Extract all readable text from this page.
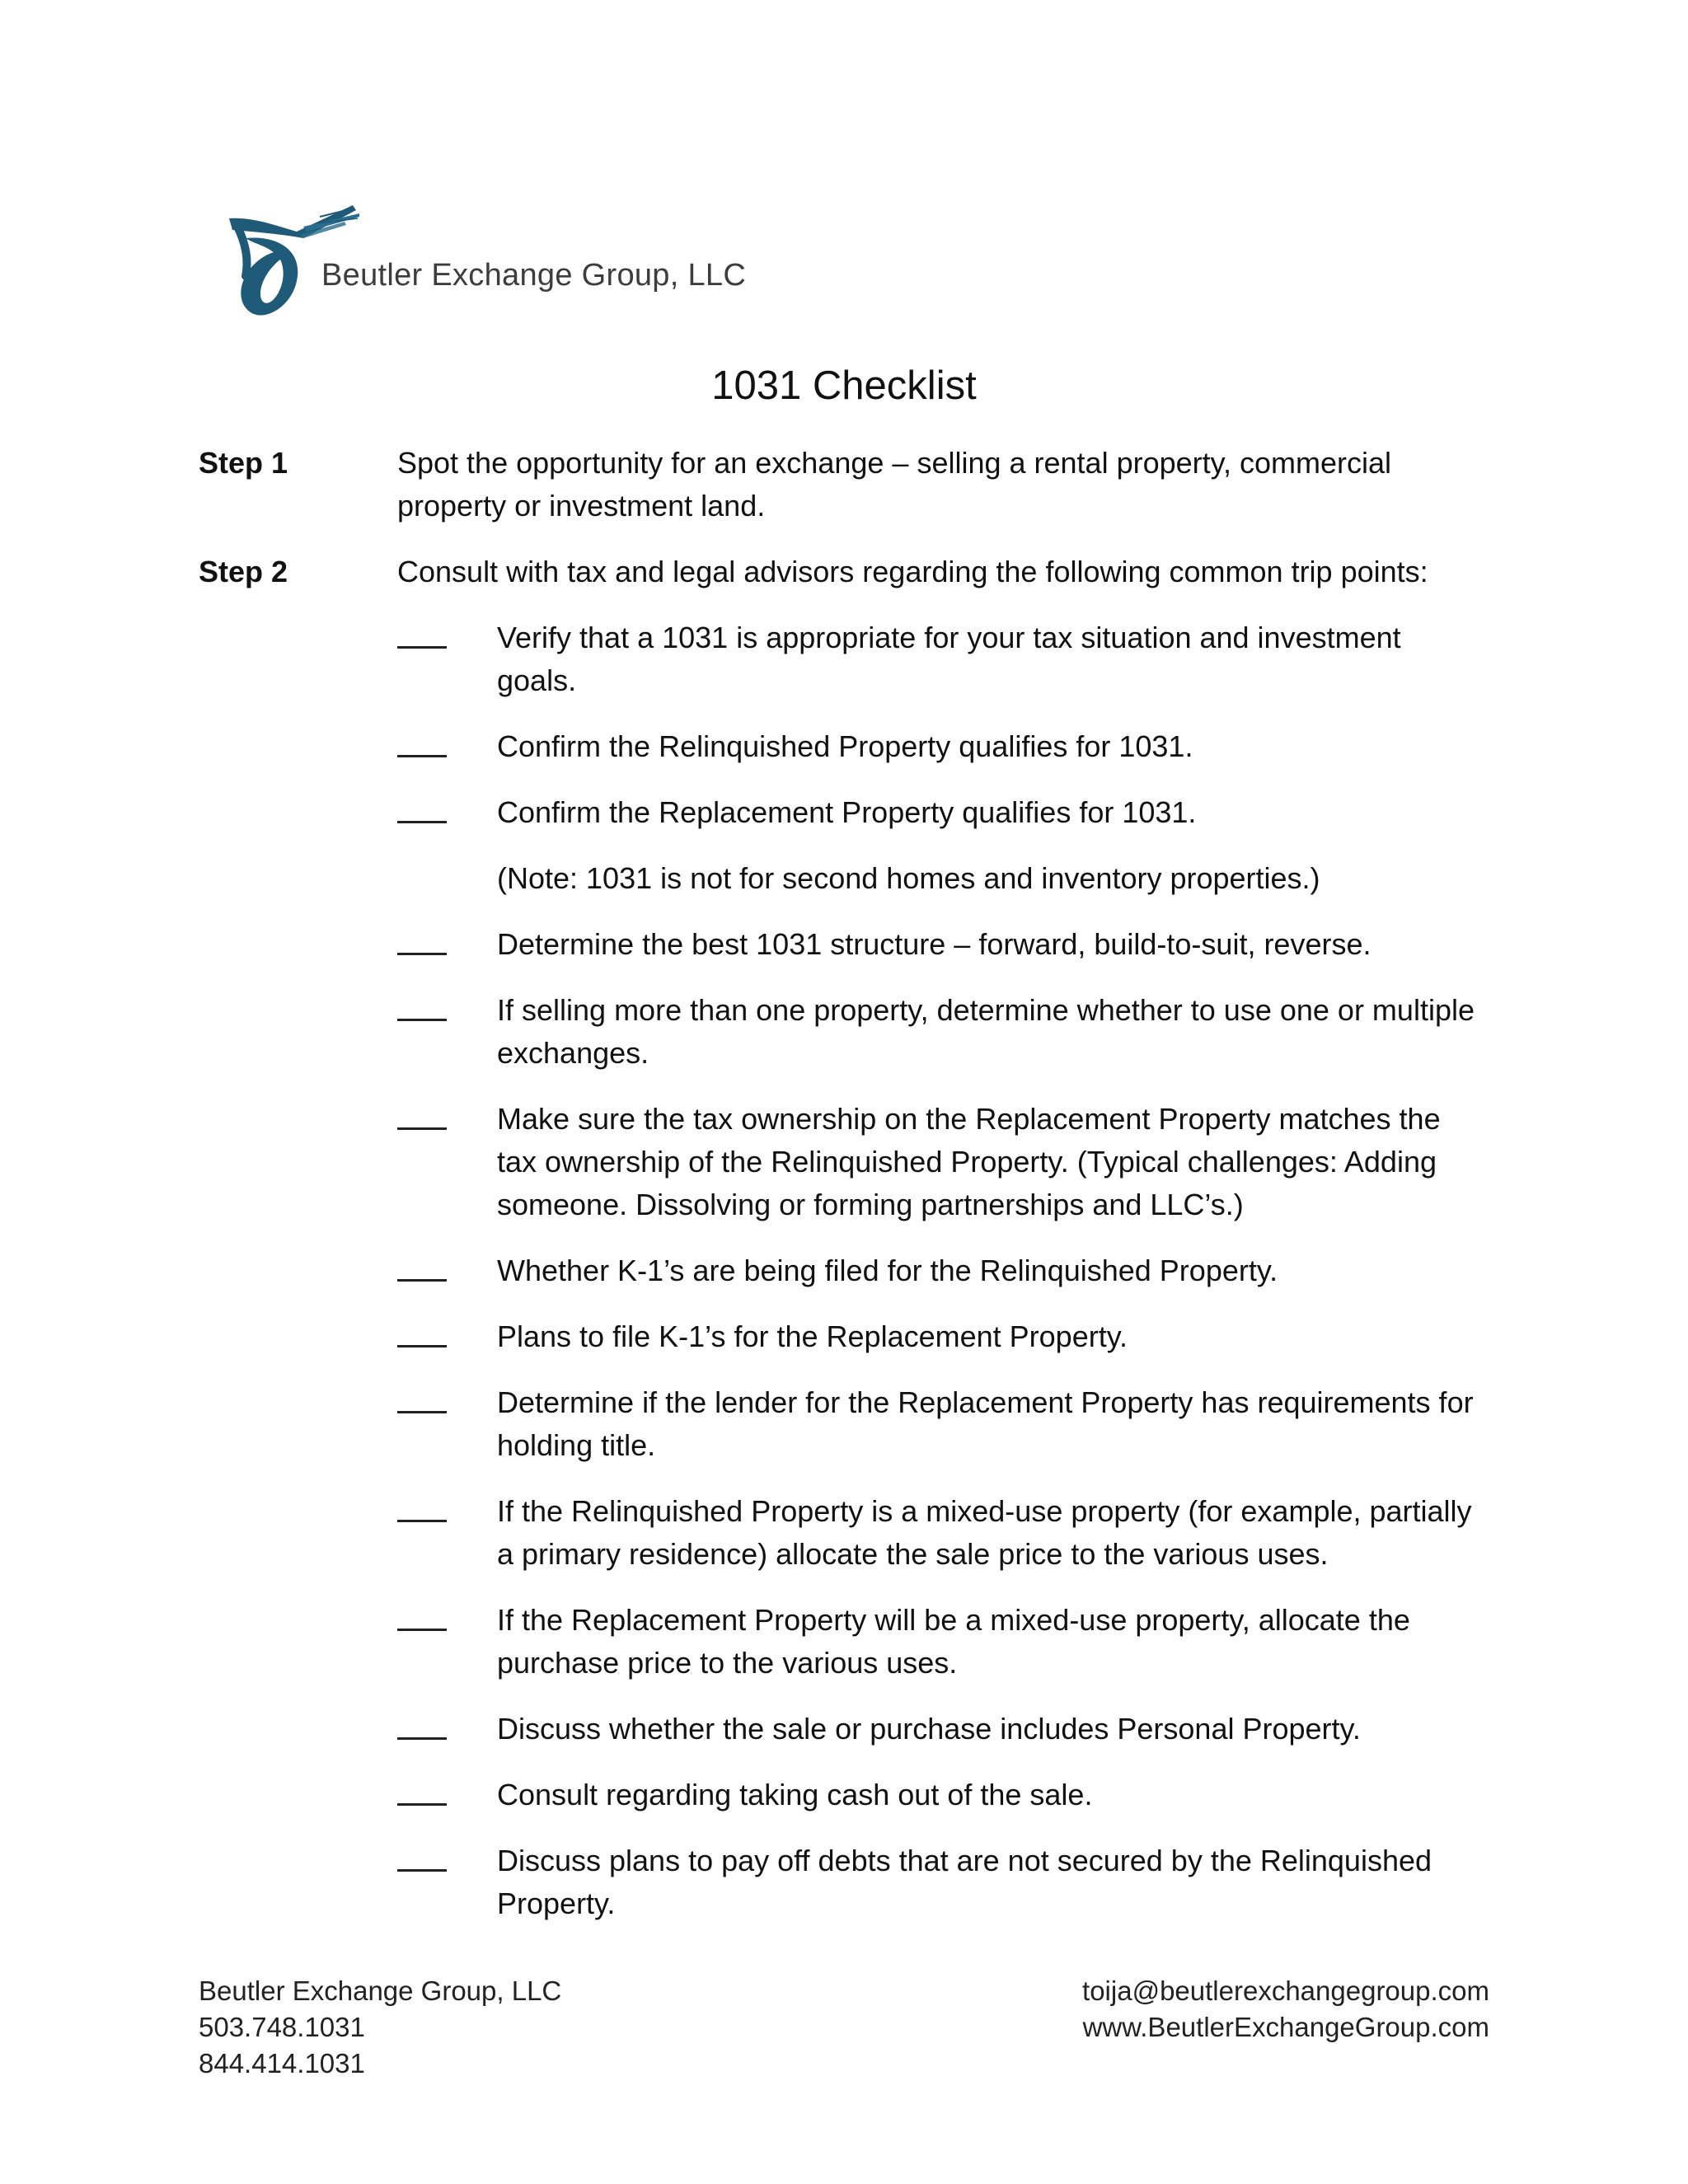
Beutler Exchange Group, LLC
1031 Checklist
Step 1	Spot the opportunity for an exchange – selling a rental property, commercial property or investment land.
Step 2	Consult with tax and legal advisors regarding the following common trip points:
Verify that a 1031 is appropriate for your tax situation and investment goals.
Confirm the Relinquished Property qualifies for 1031.
Confirm the Replacement Property qualifies for 1031.
(Note: 1031 is not for second homes and inventory properties.)
Determine the best 1031 structure – forward, build-to-suit, reverse.
If selling more than one property, determine whether to use one or multiple exchanges.
Make sure the tax ownership on the Replacement Property matches the tax ownership of the Relinquished Property. (Typical challenges: Adding someone. Dissolving or forming partnerships and LLC’s.)
Whether K-1’s are being filed for the Relinquished Property.
Plans to file K-1’s for the Replacement Property.
Determine if the lender for the Replacement Property has requirements for holding title.
If the Relinquished Property is a mixed-use property (for example, partially a primary residence) allocate the sale price to the various uses.
If the Replacement Property will be a mixed-use property, allocate the purchase price to the various uses.
Discuss whether the sale or purchase includes Personal Property.
Consult regarding taking cash out of the sale.
Discuss plans to pay off debts that are not secured by the Relinquished Property.
Beutler Exchange Group, LLC
503.748.1031
844.414.1031
toija@beutlerexchangegroup.com
www.BeutlerExchangeGroup.com
